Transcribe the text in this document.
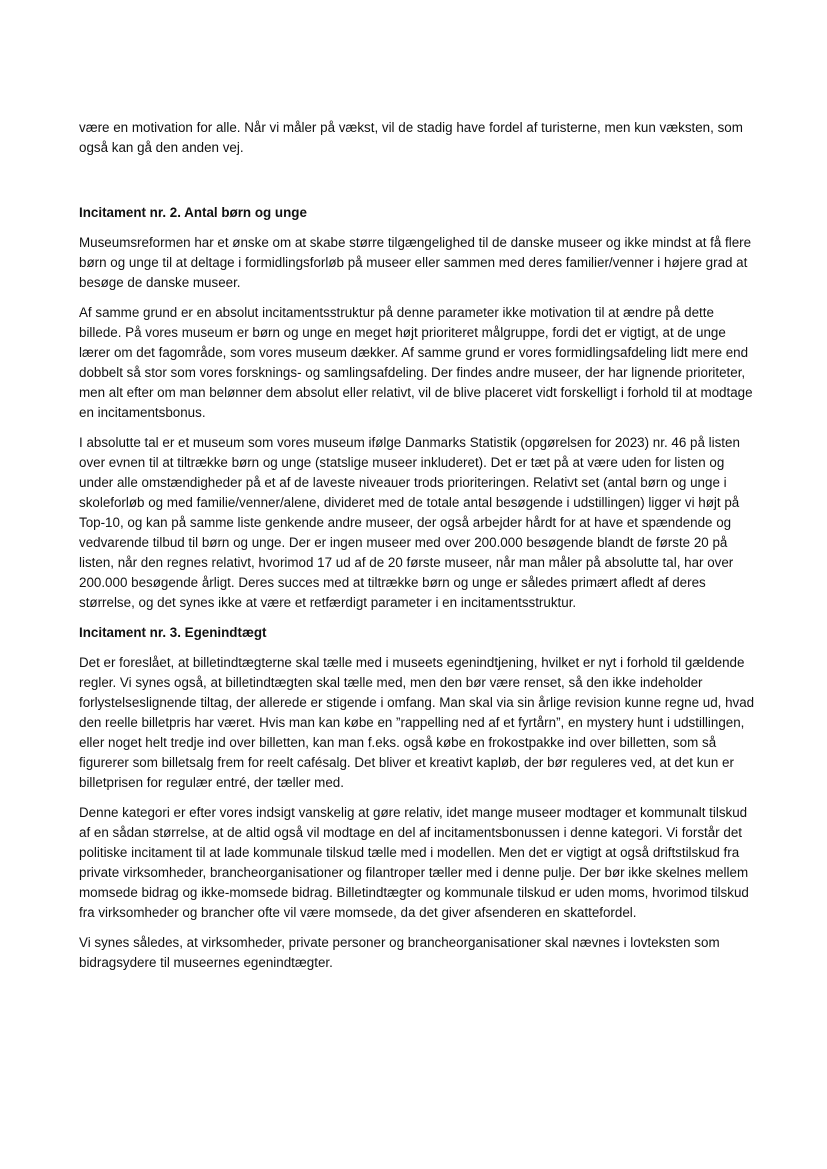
være en motivation for alle. Når vi måler på vækst, vil de stadig have fordel af turisterne, men kun væksten, som også kan gå den anden vej.

Incitament nr. 2. Antal børn og unge

Museumsreformen har et ønske om at skabe større tilgængelighed til de danske museer og ikke mindst at få flere børn og unge til at deltage i formidlingsforløb på museer eller sammen med deres familier/venner i højere grad at besøge de danske museer.

Af samme grund er en absolut incitamentsstruktur på denne parameter ikke motivation til at ændre på dette billede. På vores museum er børn og unge en meget højt prioriteret målgruppe, fordi det er vigtigt, at de unge lærer om det fagområde, som vores museum dækker. Af samme grund er vores formidlingsafdeling lidt mere end dobbelt så stor som vores forsknings- og samlingsafdeling. Der findes andre museer, der har lignende prioriteter, men alt efter om man belønner dem absolut eller relativt, vil de blive placeret vidt forskelligt i forhold til at modtage en incitamentsbonus.

I absolutte tal er et museum som vores museum ifølge Danmarks Statistik (opgørelsen for 2023) nr. 46 på listen over evnen til at tiltrække børn og unge (statslige museer inkluderet). Det er tæt på at være uden for listen og under alle omstændigheder på et af de laveste niveauer trods prioriteringen. Relativt set (antal børn og unge i skoleforløb og med familie/venner/alene, divideret med de totale antal besøgende i udstillingen) ligger vi højt på Top-10, og kan på samme liste genkende andre museer, der også arbejder hårdt for at have et spændende og vedvarende tilbud til børn og unge. Der er ingen museer med over 200.000 besøgende blandt de første 20 på listen, når den regnes relativt, hvorimod 17 ud af de 20 første museer, når man måler på absolutte tal, har over 200.000 besøgende årligt. Deres succes med at tiltrække børn og unge er således primært afledt af deres størrelse, og det synes ikke at være et retfærdigt parameter i en incitamentsstruktur.

Incitament nr. 3. Egenindtægt

Det er foreslået, at billetindtægterne skal tælle med i museets egenindtjening, hvilket er nyt i forhold til gældende regler. Vi synes også, at billetindtægten skal tælle med, men den bør være renset, så den ikke indeholder forlystelseslignende tiltag, der allerede er stigende i omfang. Man skal via sin årlige revision kunne regne ud, hvad den reelle billetpris har været. Hvis man kan købe en ”rappelling ned af et fyrtårn”, en mystery hunt i udstillingen, eller noget helt tredje ind over billetten, kan man f.eks. også købe en frokostpakke ind over billetten, som så figurerer som billetsalg frem for reelt cafésalg. Det bliver et kreativt kapløb, der bør reguleres ved, at det kun er billetprisen for regulær entré, der tæller med.

Denne kategori er efter vores indsigt vanskelig at gøre relativ, idet mange museer modtager et kommunalt tilskud af en sådan størrelse, at de altid også vil modtage en del af incitamentsbonussen i denne kategori. Vi forstår det politiske incitament til at lade kommunale tilskud tælle med i modellen. Men det er vigtigt at også driftstilskud fra private virksomheder, brancheorganisationer og filantroper tæller med i denne pulje. Der bør ikke skelnes mellem momsede bidrag og ikke-momsede bidrag. Billetindtægter og kommunale tilskud er uden moms, hvorimod tilskud fra virksomheder og brancher ofte vil være momsede, da det giver afsenderen en skattefordel.

Vi synes således, at virksomheder, private personer og brancheorganisationer skal nævnes i lovteksten som bidragsydere til museernes egenindtægter.
